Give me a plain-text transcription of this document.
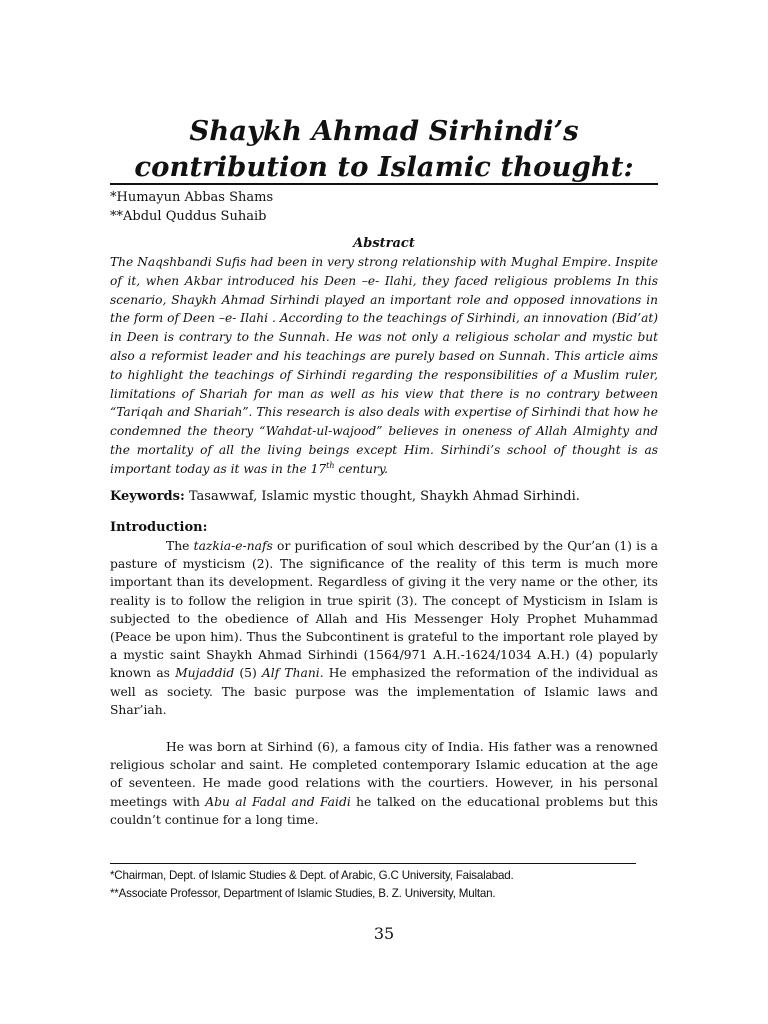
Shaykh Ahmad Sirhindi’s contribution to Islamic thought:
*Humayun Abbas Shams
**Abdul Quddus Suhaib
Abstract

The Naqshbandi Sufis had been in very strong relationship with Mughal Empire. Inspite of it, when Akbar introduced his Deen –e- Ilahi, they faced religious problems In this scenario, Shaykh Ahmad Sirhindi played an important role and opposed innovations in the form of Deen –e- Ilahi . According to the teachings of Sirhindi, an innovation (Bid’at) in Deen is contrary to the Sunnah. He was not only a religious scholar and mystic but also a reformist leader and his teachings are purely based on Sunnah. This article aims to highlight the teachings of Sirhindi regarding the responsibilities of a Muslim ruler, limitations of Shariah for man as well as his view that there is no contrary between “Tariqah and Shariah”. This research is also deals with expertise of Sirhindi that how he condemned the theory “Wahdat-ul-wajood” believes in oneness of Allah Almighty and the mortality of all the living beings except Him. Sirhindi’s school of thought is as important today as it was in the 17th century.

Keywords: Tasawwaf, Islamic mystic thought, Shaykh Ahmad Sirhindi.
Introduction:

The tazkia-e-nafs or purification of soul which described by the Qur’an (1) is a pasture of mysticism (2). The significance of the reality of this term is much more important than its development. Regardless of giving it the very name or the other, its reality is to follow the religion in true spirit (3). The concept of Mysticism in Islam is subjected to the obedience of Allah and His Messenger Holy Prophet Muhammad (Peace be upon him). Thus the Subcontinent is grateful to the important role played by a mystic saint Shaykh Ahmad Sirhindi (1564/971 A.H.-1624/1034 A.H.) (4) popularly known as Mujaddid (5) Alf Thani. He emphasized the reformation of the individual as well as society. The basic purpose was the implementation of Islamic laws and Shar’iah.

He was born at Sirhind (6), a famous city of India. His father was a renowned religious scholar and saint. He completed contemporary Islamic education at the age of seventeen. He made good relations with the courtiers. However, in his personal meetings with Abu al Fadal and Faidi he talked on the educational problems but this couldn’t continue for a long time.

*Chairman, Dept. of Islamic Studies & Dept. of Arabic, G.C University, Faisalabad.
**Associate Professor, Department of Islamic Studies, B. Z. University, Multan.
35
